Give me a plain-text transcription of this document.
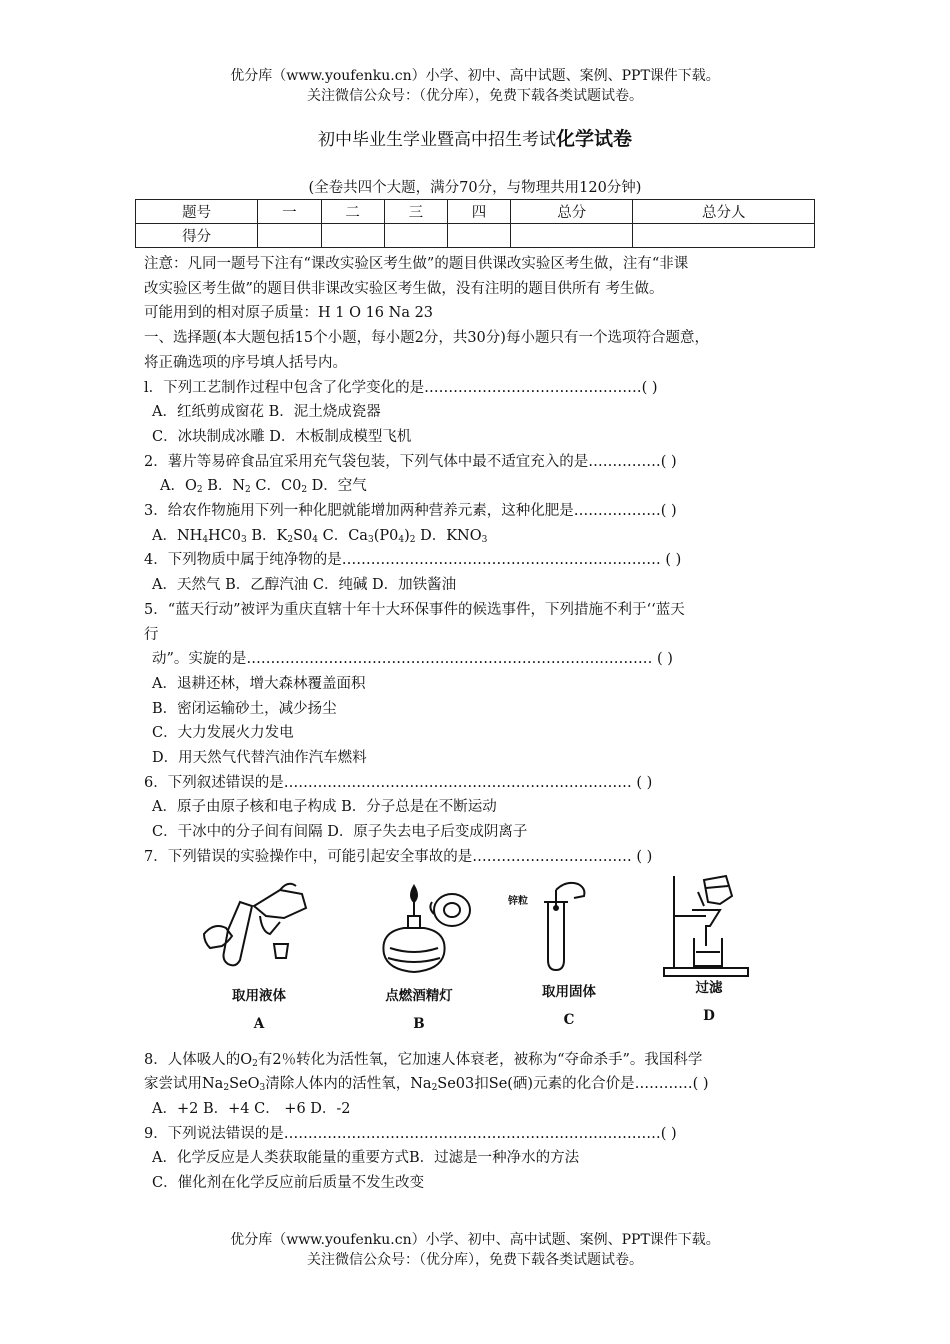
优分库（www.youfenku.cn）小学、初中、高中试题、案例、PPT课件下载。
关注微信公众号：（优分库），免费下载各类试题试卷。
初中毕业生学业暨高中招生考试化学试卷
(全卷共四个大题，满分70分，与物理共用120分钟)
题号	一	二	三	四	总分	总分人
得分						

注意：凡同一题号下注有“课改实验区考生做”的题目供课改实验区考生做，注有“非课

改实验区考生做”的题目供非课改实验区考生做，没有注明的题目供所有 考生做。

可能用到的相对原子质量：H 1 O 16 Na 23

一、选择题(本大题包括15个小题，每小题2分，共30分)每小题只有一个选项符合题意，

将正确选项的序号填人括号内。

l．下列工艺制作过程中包含了化学变化的是………………………………………( )

A．红纸剪成窗花 B．泥土烧成瓷器

C．冰块制成冰雕 D．木板制成模型飞机

2．薯片等易碎食品宜采用充气袋包装，下列气体中最不适宜充入的是……………( )

A．$O_2$ B．$N_2$ C．$C0_2$ D．空气

3．给农作物施用下列一种化肥就能增加两种营养元素，这种化肥是………………( )

A．$NH_4HC0_3$ B．$K_2S0_4$ C．$Ca_3(P0_4)_2$ D．$KNO_3$

4．下列物质中属于纯净物的是………………………………………………………… ( )

A．天然气 B．乙醇汽油 C．纯碱 D．加铁酱油

5．“蓝天行动”被评为重庆直辖十年十大环保事件的候选事件，下列措施不利于‘‘蓝天

行

动”。实旋的是………………………………………………………………………… ( )

A．退耕还林，增大森林覆盖面积

B．密闭运输砂土，减少扬尘

C．大力发展火力发电

D．用天然气代替汽油作汽车燃料

6．下列叙述错误的是……………………………………………………………… ( )

A．原子由原子核和电子构成 B．分子总是在不断运动

C．干冰中的分子间有间隔 D．原子失去电子后变成阴离子

7．下列错误的实验操作中，可能引起安全事故的是…………………………… ( )

取用液体
A
点燃酒精灯
B
锌粒
取用固体
C
过滤
D

8．人体吸人的$O_2$有2％转化为活性氧，它加速人体衰老，被称为“夺命杀手”。我国科学

家尝试用$Na_2SeO_3$清除人体内的活性氧，$Na_2Se03$扣Se(硒)元素的化合价是…………( )

A．+2 B．+4 C． +6 D．-2

9．下列说法错误的是……………………………………………………………………( )

A．化学反应是人类获取能量的重要方式B．过滤是一种净水的方法

C．催化剂在化学反应前后质量不发生改变

优分库（www.youfenku.cn）小学、初中、高中试题、案例、PPT课件下载。
关注微信公众号：（优分库），免费下载各类试题试卷。
